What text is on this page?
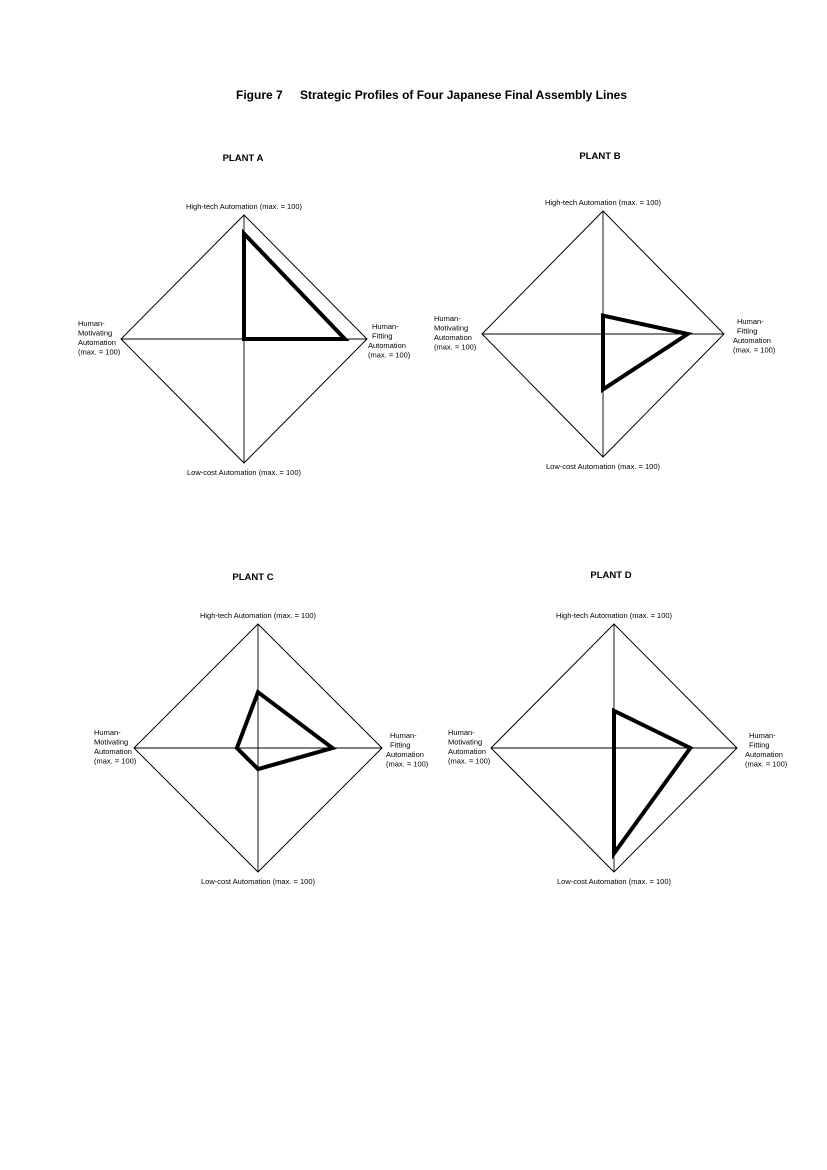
Figure 7 Strategic Profiles of Four Japanese Final Assembly Lines
PLANT A
High-tech Automation (max. = 100)
Low-cost Automation (max. = 100)
Human-
Fitting
Automation
(max. = 100)
Human-
Motivating
Automation
(max. = 100)
PLANT B
High-tech Automation (max. = 100)
Low-cost Automation (max. = 100)
Human-
Fitting
Automation
(max. = 100)
Human-
Motivating
Automation
(max. = 100)
PLANT C
High-tech Automation (max. = 100)
Low-cost Automation (max. = 100)
Human-
Fitting
Automation
(max. = 100)
Human-
Motivating
Automation
(max. = 100)
PLANT D
High-tech Automation (max. = 100)
Low-cost Automation (max. = 100)
Human-
Fitting
Automation
(max. = 100)
Human-
Motivating
Automation
(max. = 100)
